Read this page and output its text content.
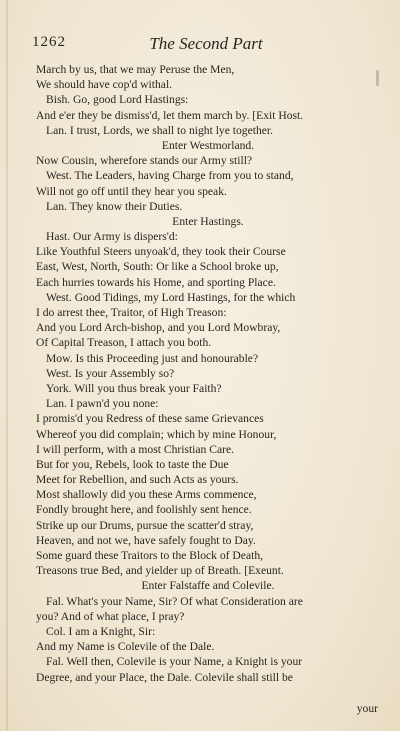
1262	The Second Part
March by us, that we may Peruse the Men,
We should have cop'd withal.
Bish. Go, good Lord Hastings:
And e'er they be dismiss'd, let them march by. [Exit Host.
Lan. I trust, Lords, we shall to night lye together.
Enter Westmorland.
Now Cousin, wherefore stands our Army still?
West. The Leaders, having Charge from you to stand,
Will not go off until they hear you speak.
Lan. They know their Duties.
Enter Hastings.
Hast. Our Army is dispers'd:
Like Youthful Steers unyoak'd, they took their Course
East, West, North, South: Or like a School broke up,
Each hurries towards his Home, and sporting Place.
West. Good Tidings, my Lord Hastings, for the which
I do arrest thee, Traitor, of High Treason:
And you Lord Arch-bishop, and you Lord Mowbray,
Of Capital Treason, I attach you both.
Mow. Is this Proceeding just and honourable?
West. Is your Assembly so?
York. Will you thus break your Faith?
Lan. I pawn'd you none:
I promis'd you Redress of these same Grievances
Whereof you did complain; which by mine Honour,
I will perform, with a most Christian Care.
But for you, Rebels, look to taste the Due
Meet for Rebellion, and such Acts as yours.
Most shallowly did you these Arms commence,
Fondly brought here, and foolishly sent hence.
Strike up our Drums, pursue the scatter'd stray,
Heaven, and not we, have safely fought to Day.
Some guard these Traitors to the Block of Death,
Treasons true Bed, and yielder up of Breath. [Exeunt.
Enter Falstaffe and Colevile.
Fal. What's your Name, Sir? Of what Consideration are
you? And of what place, I pray?
Col. I am a Knight, Sir:
And my Name is Colevile of the Dale.
Fal. Well then, Colevile is your Name, a Knight is your
Degree, and your Place, the Dale. Colevile shall still be
your
